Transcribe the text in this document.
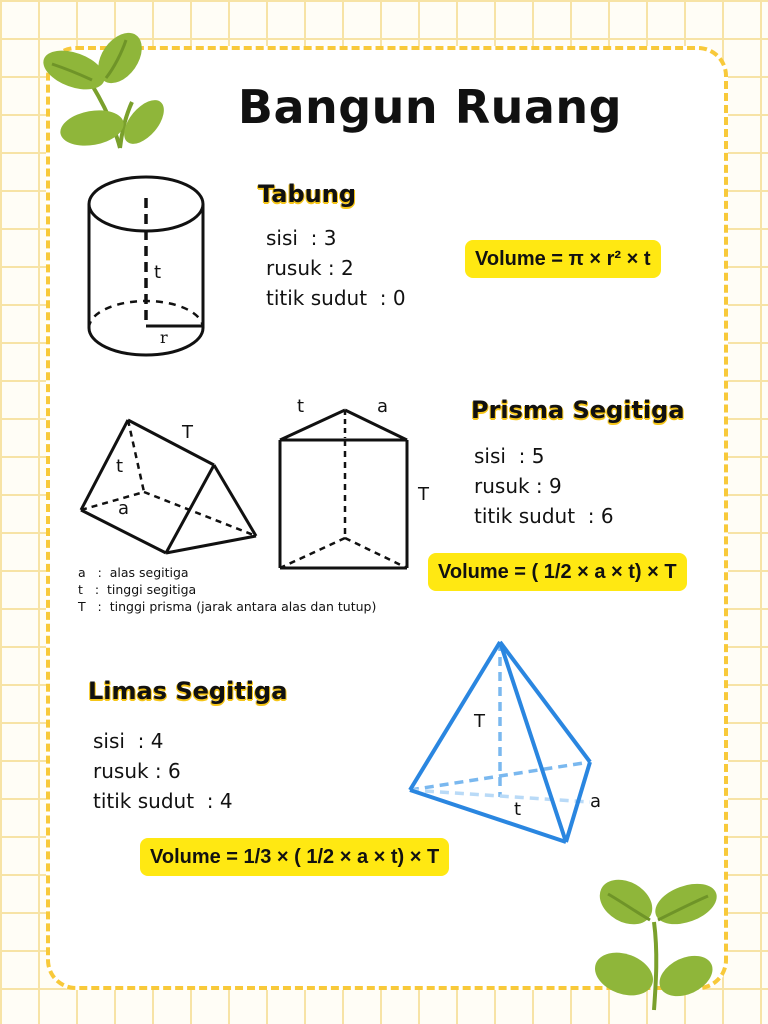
Bangun Ruang
t
r
Tabung
sisi  : 3
rusuk : 2
titik sudut  : 0
Volume = π × r² × t
T
t
a
t	a
T
Prisma Segitiga
sisi  : 5
rusuk : 9
titik sudut  : 6
Volume = ( 1/2 × a × t) × T
a   :  alas segitiga
t   :  tinggi segitiga
T   :  tinggi prisma (jarak antara alas dan tutup)
Limas Segitiga
sisi  : 4
rusuk : 6
titik sudut  : 4
Volume = 1/3 × ( 1/2 × a × t) × T
T
t	a
